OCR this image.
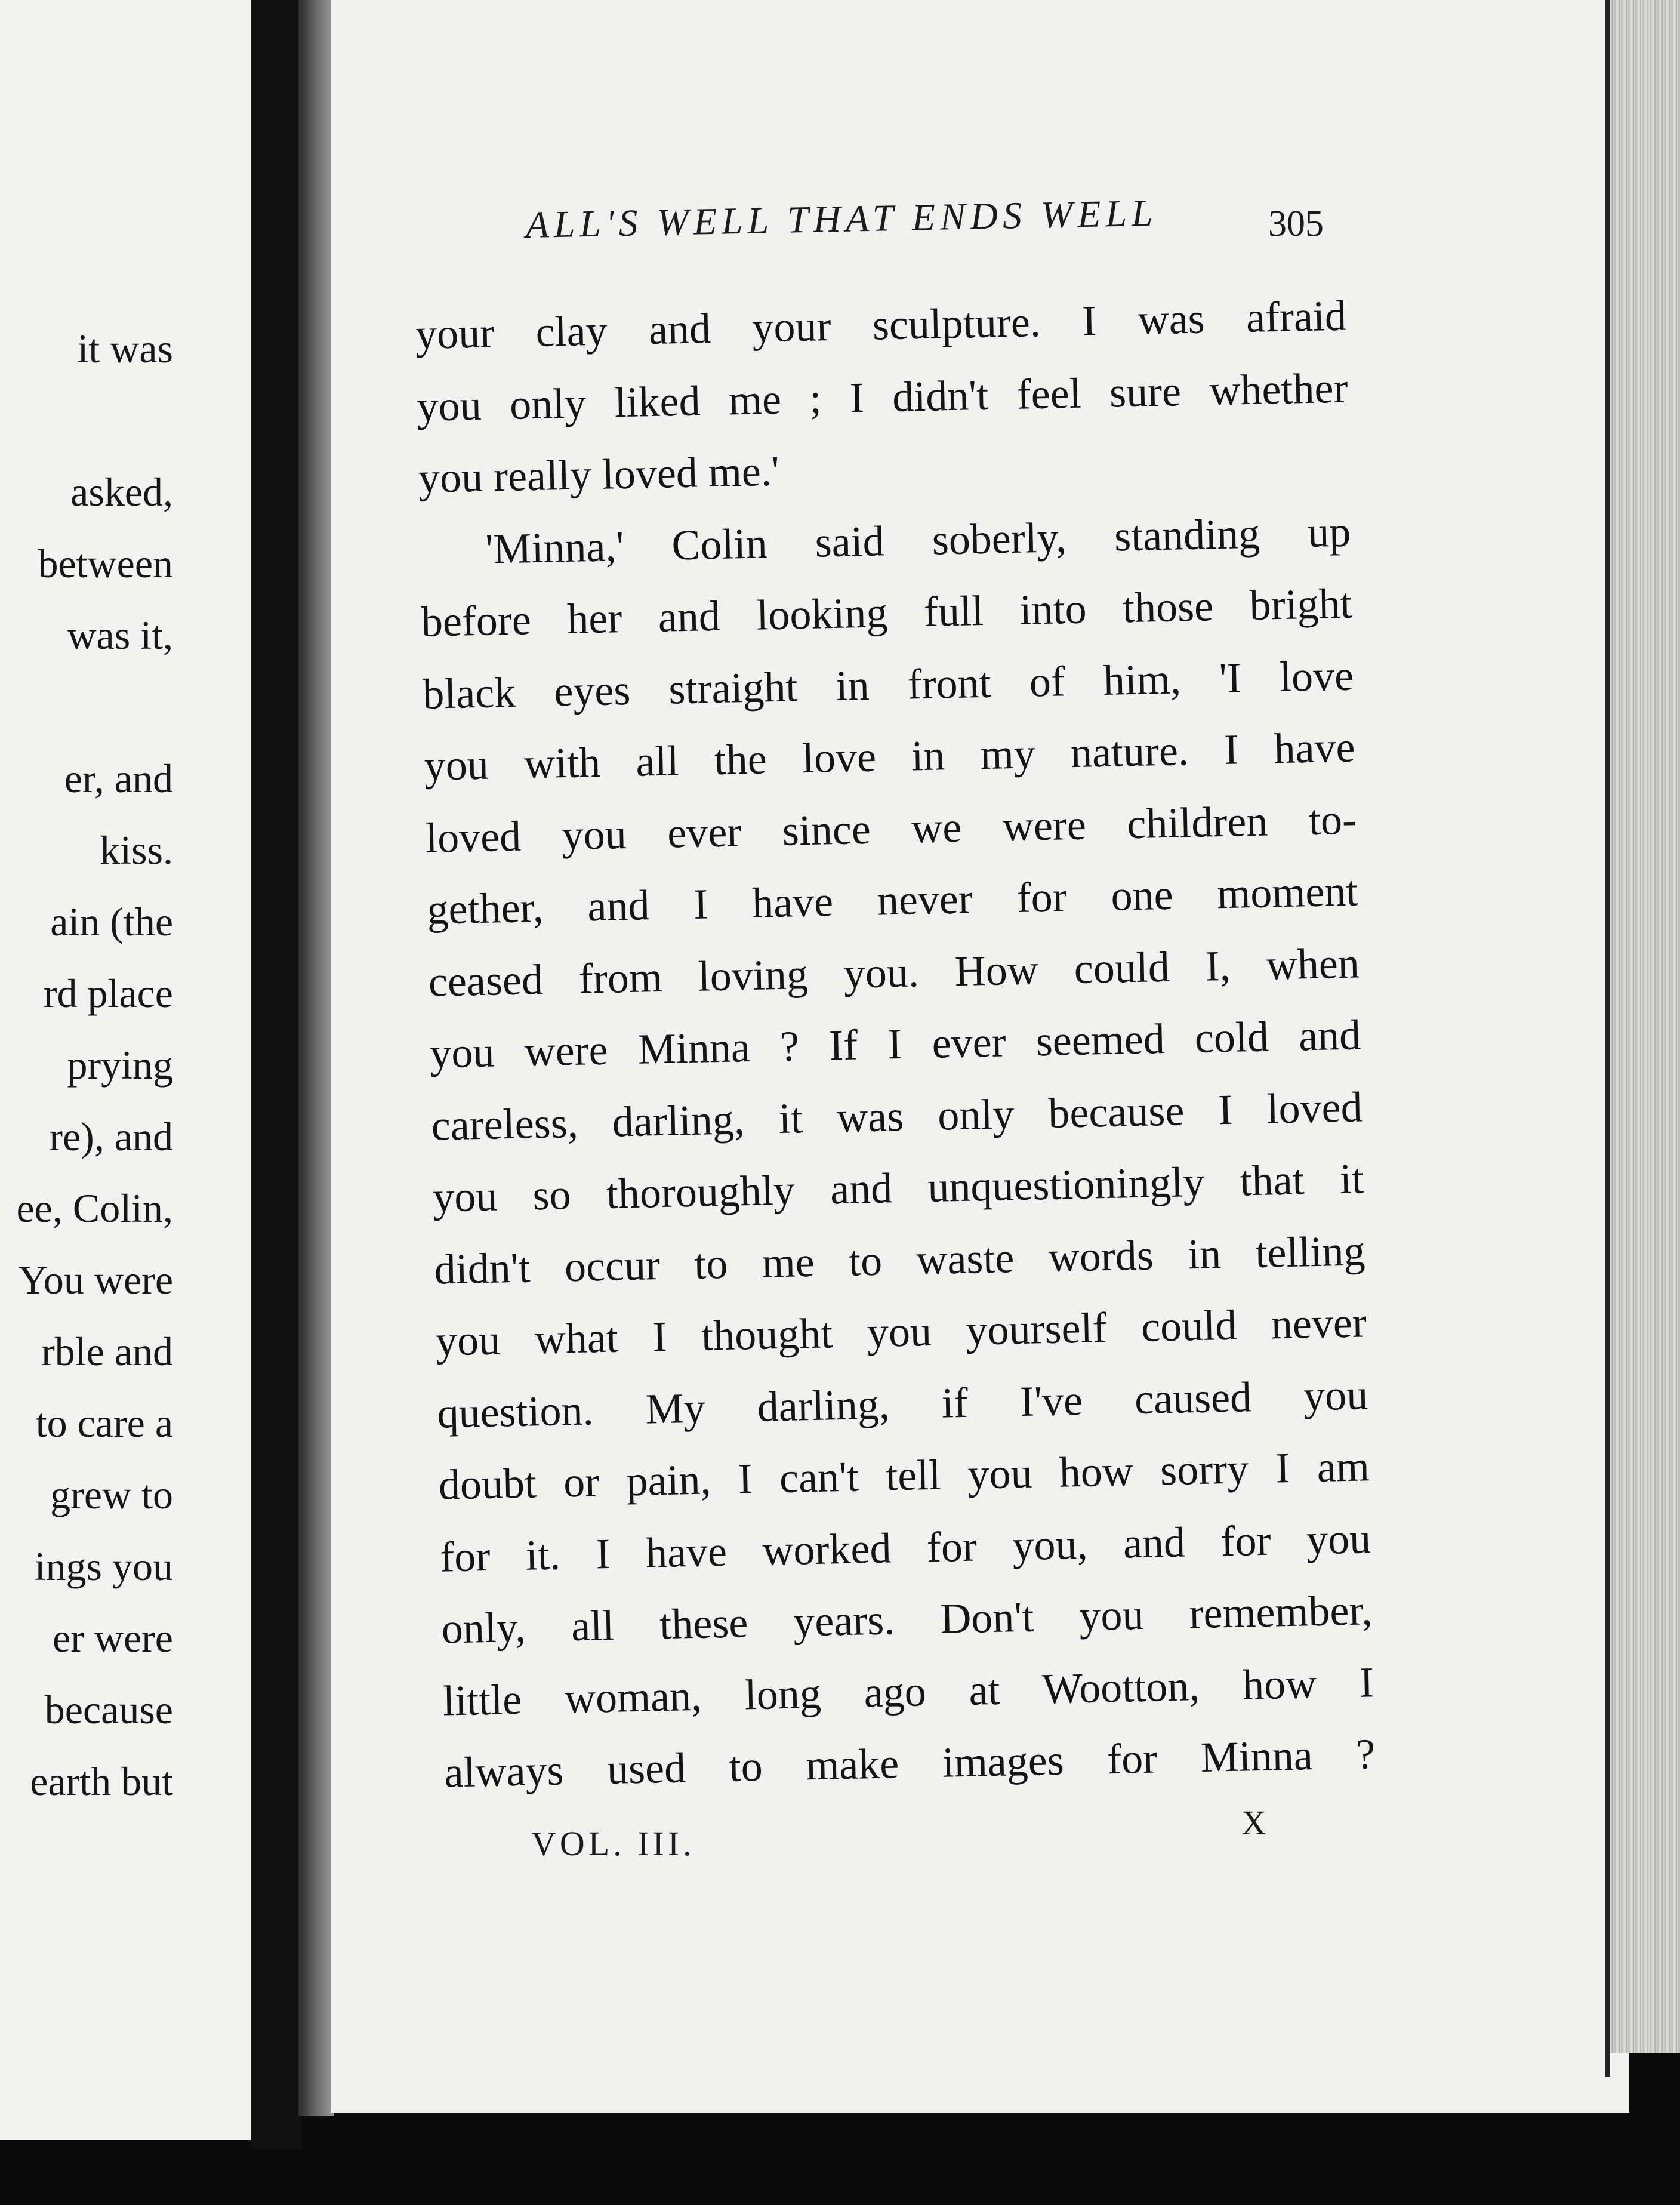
it was
asked,
between
was it,
er, and
kiss.
ain (the
rd place
prying
re), and
ee, Colin,
You were
rble and
to care a
grew to
ings you
er were
because
earth but
ALL'S WELL THAT ENDS WELL	305
your clay and your sculpture. I was afraid
you only liked me ; I didn't feel sure whether
you really loved me.'
'Minna,' Colin said soberly, standing up
before her and looking full into those bright
black eyes straight in front of him, 'I love
you with all the love in my nature. I have
loved you ever since we were children to-
gether, and I have never for one moment
ceased from loving you. How could I, when
you were Minna ? If I ever seemed cold and
careless, darling, it was only because I loved
you so thoroughly and unquestioningly that it
didn't occur to me to waste words in telling
you what I thought you yourself could never
question. My darling, if I've caused you
doubt or pain, I can't tell you how sorry I am
for it. I have worked for you, and for you
only, all these years. Don't you remember,
little woman, long ago at Wootton, how I
always used to make images for Minna ?
VOL. III.
X
